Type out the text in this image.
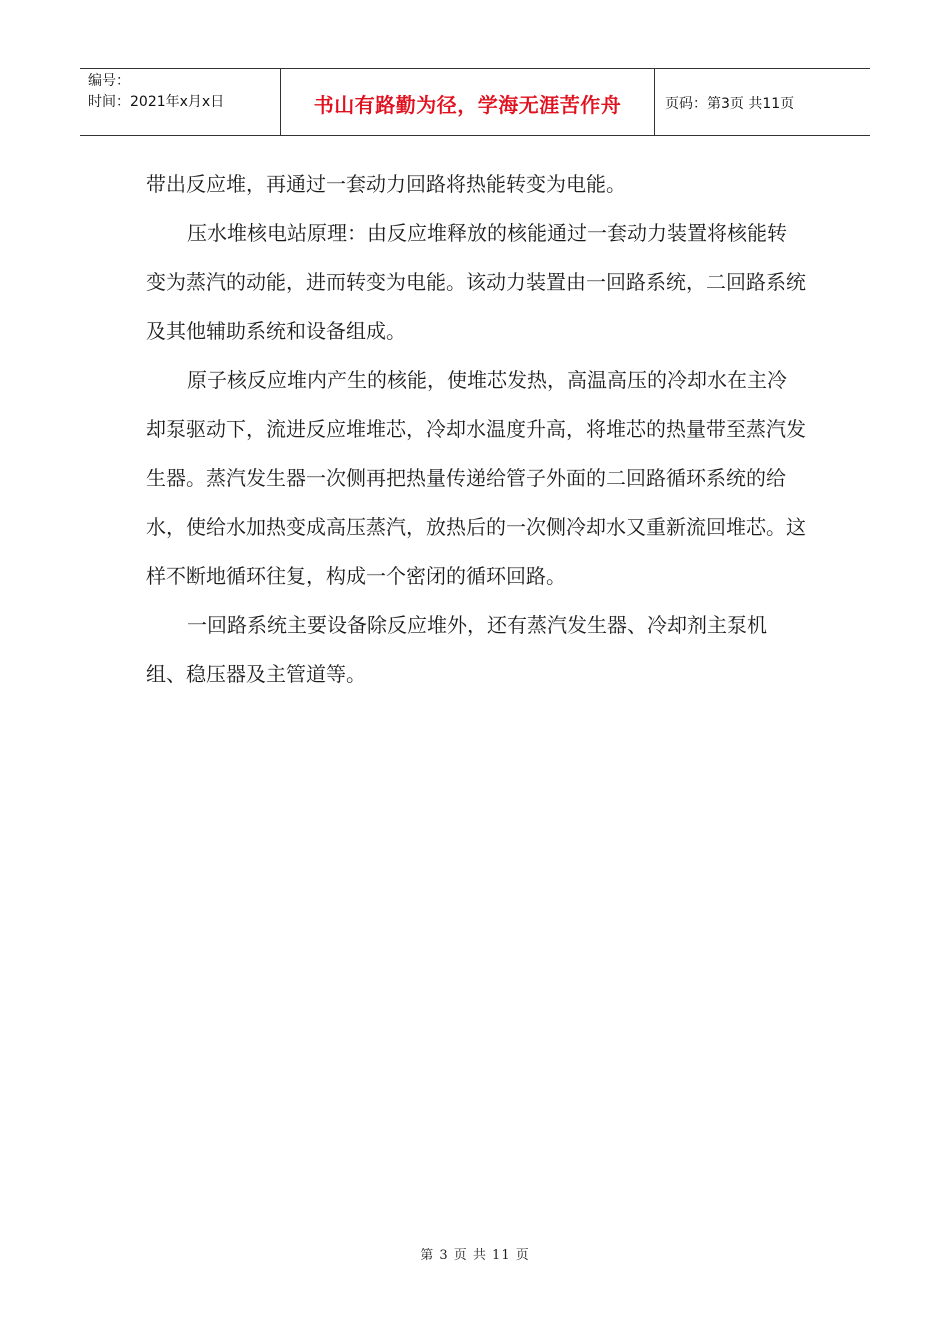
编号：
时间：2021年x月x日	书山有路勤为径，学海无涯苦作舟	页码：第3页 共11页

带出反应堆，再通过一套动力回路将热能转变为电能。

压水堆核电站原理：由反应堆释放的核能通过一套动力装置将核能转变为蒸汽的动能，进而转变为电能。该动力装置由一回路系统，二回路系统及其他辅助系统和设备组成。

原子核反应堆内产生的核能，使堆芯发热，高温高压的冷却水在主冷却泵驱动下，流进反应堆堆芯，冷却水温度升高，将堆芯的热量带至蒸汽发生器。蒸汽发生器一次侧再把热量传递给管子外面的二回路循环系统的给水，使给水加热变成高压蒸汽，放热后的一次侧冷却水又重新流回堆芯。这样不断地循环往复，构成一个密闭的循环回路。

一回路系统主要设备除反应堆外，还有蒸汽发生器、冷却剂主泵机组、稳压器及主管道等。

第 3 页 共 11 页
